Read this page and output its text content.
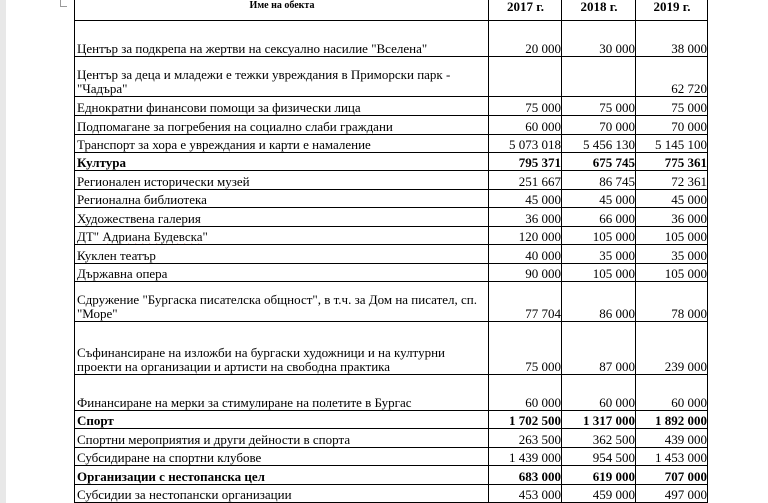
Име на обекта	2017 г.	2018 г.	2019 г.
Център за подкрепа на жертви на сексуално насилие "Вселена"	20 000	30 000	38 000
Център за деца и младежи е тежки увреждания в Приморски парк - "Чадъра"			62 720
Еднократни финансови помощи за физически лица	75 000	75 000	75 000
Подпомагане за погребения на социално слаби граждани	60 000	70 000	70 000
Транспорт за хора е увреждания и карти е намаление	5 073 018	5 456 130	5 145 100
Култура	795 371	675 745	775 361
Регионален исторически музей	251 667	86 745	72 361
Регионална библиотека	45 000	45 000	45 000
Художествена галерия	36 000	66 000	36 000
ДТ" Адриана Будевска"	120 000	105 000	105 000
Куклен театър	40 000	35 000	35 000
Държавна опера	90 000	105 000	105 000
Сдружение "Бургаска писателска общност", в т.ч. за Дом на писател, сп. "Море"	77 704	86 000	78 000
Съфинансиране на изложби на бургаски художници и на културни проекти на организации и артисти на свободна практика	75 000	87 000	239 000
Финансиране на мерки за стимулиране на полетите в Бургас	60 000	60 000	60 000
Спорт	1 702 500	1 317 000	1 892 000
Спортни мероприятия и други дейности в спорта	263 500	362 500	439 000
Субсидиране на спортни клубове	1 439 000	954 500	1 453 000
Организации с нестопанска цел	683 000	619 000	707 000
Субсидии за нестопански организации	453 000	459 000	497 000
